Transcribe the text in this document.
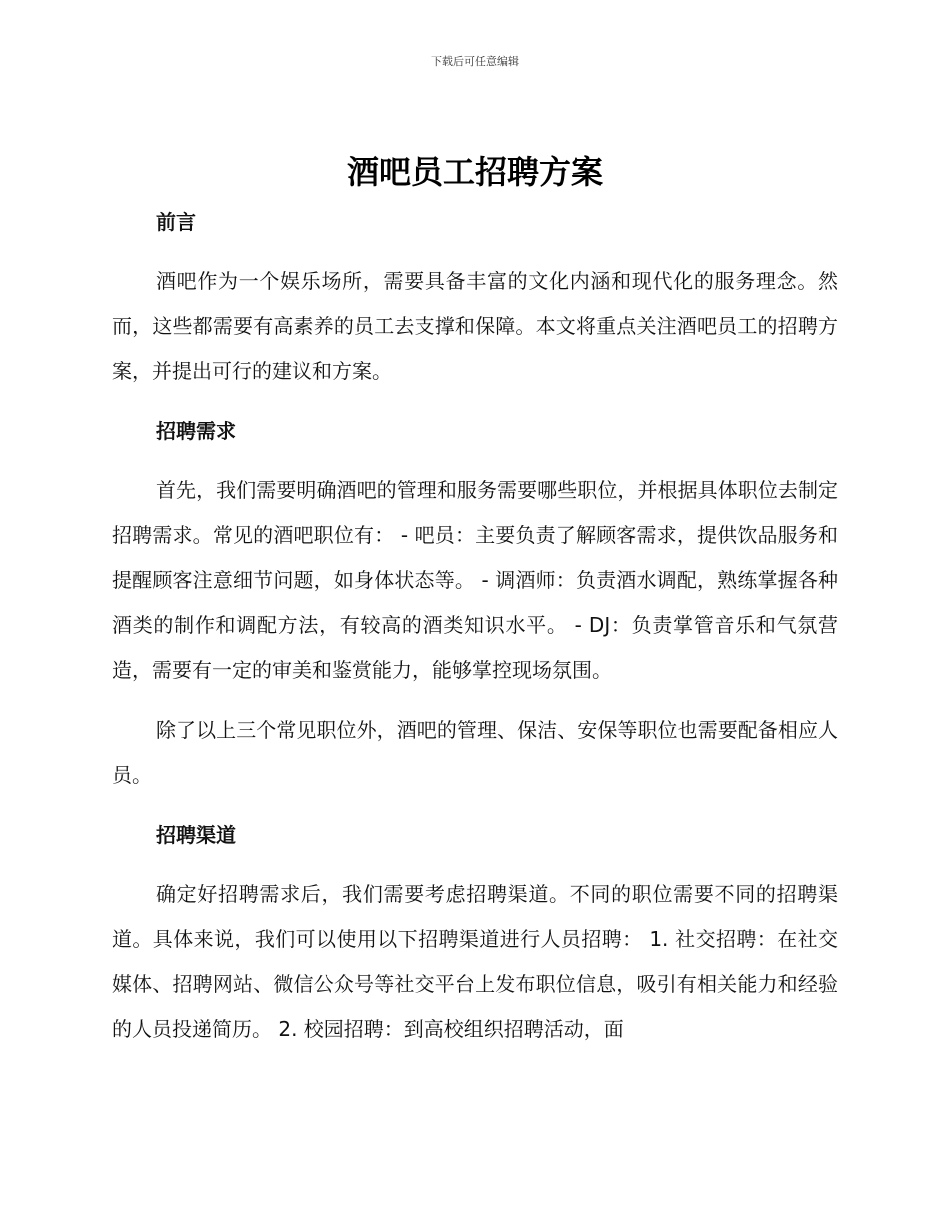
下载后可任意编辑
酒吧员工招聘方案
前言

酒吧作为一个娱乐场所，需要具备丰富的文化内涵和现代化的服务理念。然而，这些都需要有高素养的员工去支撑和保障。本文将重点关注酒吧员工的招聘方案，并提出可行的建议和方案。

招聘需求

首先，我们需要明确酒吧的管理和服务需要哪些职位，并根据具体职位去制定招聘需求。常见的酒吧职位有： - 吧员：主要负责了解顾客需求，提供饮品服务和提醒顾客注意细节问题，如身体状态等。 - 调酒师：负责酒水调配，熟练掌握各种酒类的制作和调配方法，有较高的酒类知识水平。 - DJ：负责掌管音乐和气氛营造，需要有一定的审美和鉴赏能力，能够掌控现场氛围。

除了以上三个常见职位外，酒吧的管理、保洁、安保等职位也需要配备相应人员。

招聘渠道

确定好招聘需求后，我们需要考虑招聘渠道。不同的职位需要不同的招聘渠道。具体来说，我们可以使用以下招聘渠道进行人员招聘： 1. 社交招聘：在社交媒体、招聘网站、微信公众号等社交平台上发布职位信息，吸引有相关能力和经验的人员投递简历。 2. 校园招聘：到高校组织招聘活动，面
